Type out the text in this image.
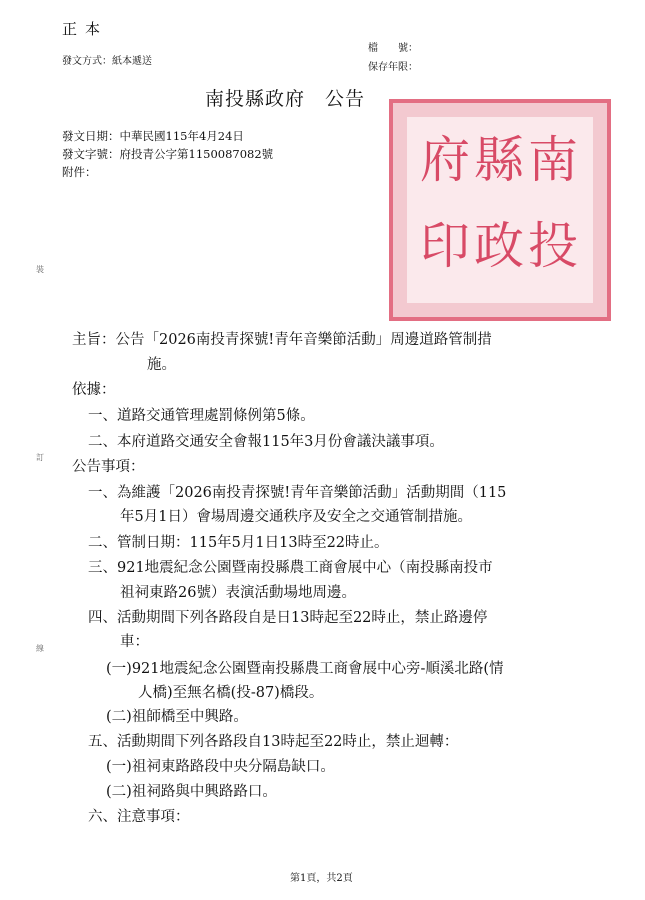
正本
發文方式：紙本遞送
檔　　號：
保存年限：
南投縣政府　公告
發文日期：中華民國115年4月24日
發文字號：府投青公字第1150087082號
附件：
裝
訂
線
南
縣
府
投
政
印
主旨：公告「2026南投青探號!青年音樂節活動」周邊道路管制措
施。
依據：
一、道路交通管理處罰條例第5條。
二、本府道路交通安全會報115年3月份會議決議事項。
公告事項：
一、為維護「2026南投青探號!青年音樂節活動」活動期間（115
年5月1日）會場周邊交通秩序及安全之交通管制措施。
二、管制日期：115年5月1日13時至22時止。
三、921地震紀念公園暨南投縣農工商會展中心（南投縣南投市
祖祠東路26號）表演活動場地周邊。
四、活動期間下列各路段自是日13時起至22時止，禁止路邊停
車：
(一)921地震紀念公園暨南投縣農工商會展中心旁-順溪北路(情
人橋)至無名橋(投-87)橋段。
(二)祖師橋至中興路。
五、活動期間下列各路段自13時起至22時止，禁止迴轉：
(一)祖祠東路路段中央分隔島缺口。
(二)祖祠路與中興路路口。
六、注意事項：
第1頁，共2頁
